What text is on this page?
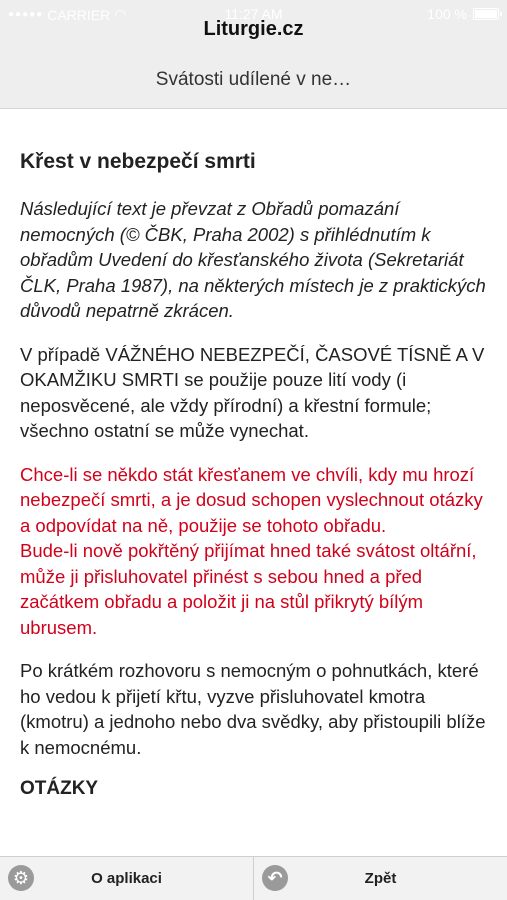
●●●●● CARRIER ◠	11:27 AM	100 %
Liturgie.cz
Svátosti udílené v ne…
Křest v nebezpečí smrti

Následující text je převzat z Obřadů pomazání nemocných (© ČBK, Praha 2002) s přihlédnutím k obřadům Uvedení do křesťanského života (Sekretariát ČLK, Praha 1987), na některých místech je z praktických důvodů nepatrně zkrácen.

V případě VÁŽNÉHO NEBEZPEČÍ, ČASOVÉ TÍSNĚ A V OKAMŽIKU SMRTI se použije pouze lití vody (i neposvěcené, ale vždy přírodní) a křestní formule; všechno ostatní se může vynechat.

Chce-li se někdo stát křesťanem ve chvíli, kdy mu hrozí nebezpečí smrti, a je dosud schopen vyslechnout otázky a odpovídat na ně, použije se tohoto obřadu.

Bude-li nově pokřtěný přijímat hned také svátost oltářní, může ji přisluhovatel přinést s sebou hned a před začátkem obřadu a položit ji na stůl přikrytý bílým ubrusem.

Po krátkém rozhovoru s nemocným o pohnutkách, které ho vedou k přijetí křtu, vyzve přisluhovatel kmotra (kmotru) a jednoho nebo dva svědky, aby přistoupili blíže k nemocnému.

OTÁZKY
⚙	O aplikaci	↶	Zpět
